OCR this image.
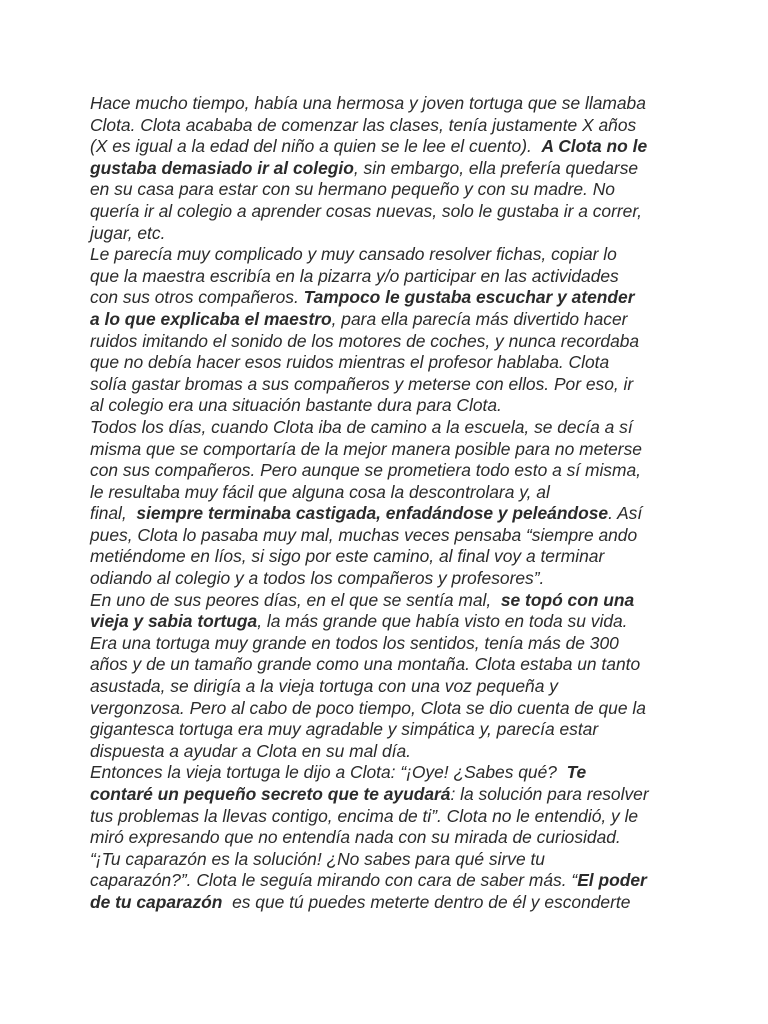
Hace mucho tiempo, había una hermosa y joven tortuga que se llamaba
Clota. Clota acababa de comenzar las clases, tenía justamente X años
(X es igual a la edad del niño a quien se le lee el cuento).  A Clota no le
gustaba demasiado ir al colegio, sin embargo, ella prefería quedarse
en su casa para estar con su hermano pequeño y con su madre. No
quería ir al colegio a aprender cosas nuevas, solo le gustaba ir a correr,
jugar, etc.
Le parecía muy complicado y muy cansado resolver fichas, copiar lo
que la maestra escribía en la pizarra y/o participar en las actividades
con sus otros compañeros. Tampoco le gustaba escuchar y atender
a lo que explicaba el maestro, para ella parecía más divertido hacer
ruidos imitando el sonido de los motores de coches, y nunca recordaba
que no debía hacer esos ruidos mientras el profesor hablaba. Clota
solía gastar bromas a sus compañeros y meterse con ellos. Por eso, ir
al colegio era una situación bastante dura para Clota.
Todos los días, cuando Clota iba de camino a la escuela, se decía a sí
misma que se comportaría de la mejor manera posible para no meterse
con sus compañeros. Pero aunque se prometiera todo esto a sí misma,
le resultaba muy fácil que alguna cosa la descontrolara y, al
final,  siempre terminaba castigada, enfadándose y peleándose. Así
pues, Clota lo pasaba muy mal, muchas veces pensaba “siempre ando
metiéndome en líos, si sigo por este camino, al final voy a terminar
odiando al colegio y a todos los compañeros y profesores”.
En uno de sus peores días, en el que se sentía mal,  se topó con una
vieja y sabia tortuga, la más grande que había visto en toda su vida.
Era una tortuga muy grande en todos los sentidos, tenía más de 300
años y de un tamaño grande como una montaña. Clota estaba un tanto
asustada, se dirigía a la vieja tortuga con una voz pequeña y
vergonzosa. Pero al cabo de poco tiempo, Clota se dio cuenta de que la
gigantesca tortuga era muy agradable y simpática y, parecía estar
dispuesta a ayudar a Clota en su mal día.
Entonces la vieja tortuga le dijo a Clota: “¡Oye! ¿Sabes qué?  Te
contaré un pequeño secreto que te ayudará: la solución para resolver
tus problemas la llevas contigo, encima de ti”. Clota no le entendió, y le
miró expresando que no entendía nada con su mirada de curiosidad.
“¡Tu caparazón es la solución! ¿No sabes para qué sirve tu
caparazón?”. Clota le seguía mirando con cara de saber más. “El poder
de tu caparazón  es que tú puedes meterte dentro de él y esconderte
